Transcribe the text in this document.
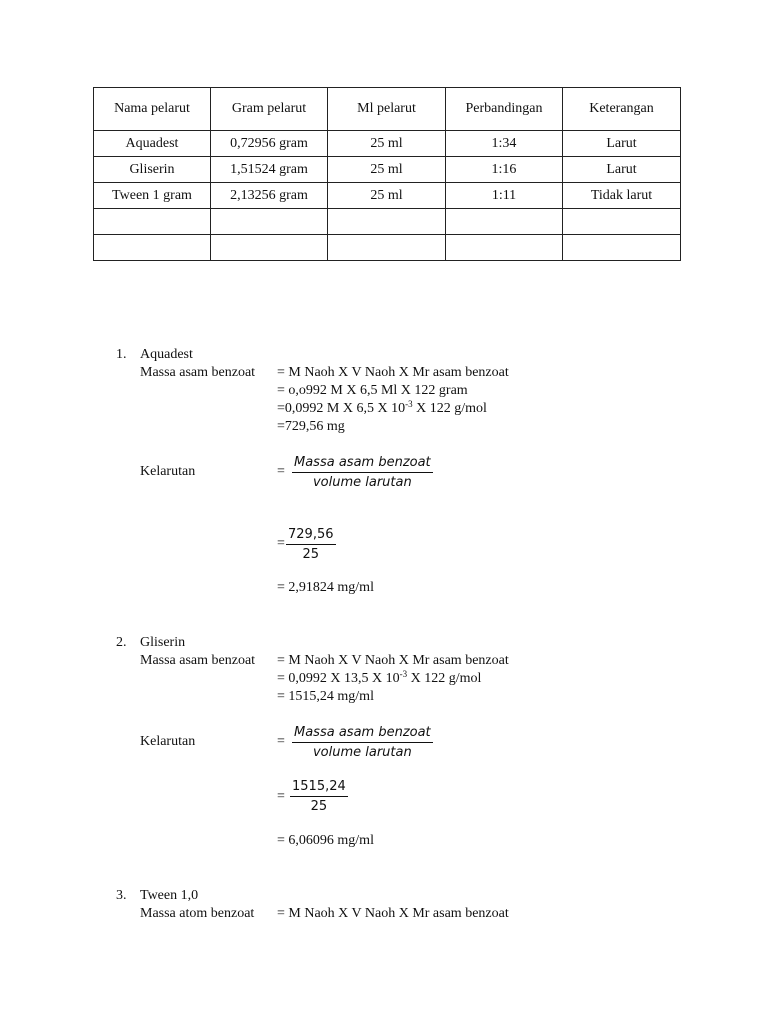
Nama pelarut	Gram pelarut	Ml pelarut	Perbandingan	Keterangan
Aquadest	0,72956 gram	25 ml	1:34	Larut
Gliserin	1,51524 gram	25 ml	1:16	Larut
Tween 1 gram	2,13256 gram	25 ml	1:11	Tidak larut

1. Aquadest
Massa asam benzoat = M Naoh X V Naoh X Mr asam benzoat
= o,o992 M X 6,5 Ml X 122 gram
=0,0992 M X 6,5 X $10^{-3}$ X 122 g/mol
=729,56 mg
Kelarutan	=
Massa asam benzoat
volume larutan
= $\frac{729,56}{25}$
= 2,91824 mg/ml
2. Gliserin
Massa asam benzoat = M Naoh X V Naoh X Mr asam benzoat
= 0,0992 X 13,5 X $10^{-3}$ X 122 g/mol
= 1515,24 mg/ml
Kelarutan	=
Massa asam benzoat
volume larutan
= $\frac{1515,24}{25}$
= 6,06096 mg/ml
3. Tween 1,0
Massa atom benzoat = M Naoh X V Naoh X Mr asam benzoat
